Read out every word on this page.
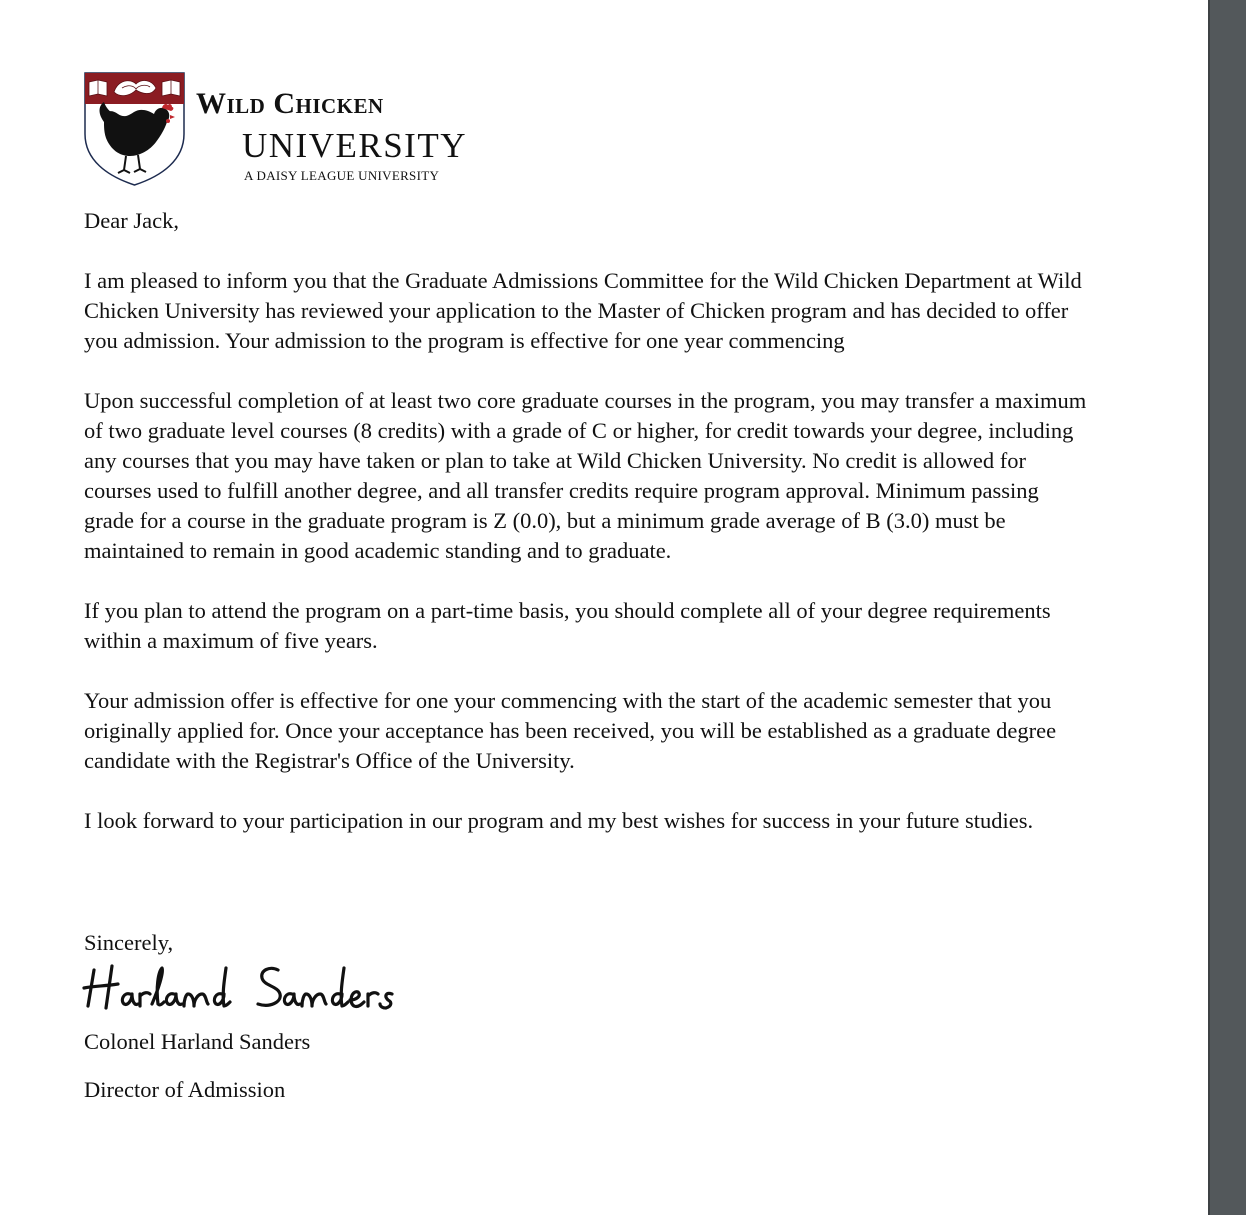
Wild Chicken
UNIVERSITY
A DAISY LEAGUE UNIVERSITY

Dear Jack,

I am pleased to inform you that the Graduate Admissions Committee for the Wild Chicken Department at Wild Chicken University has reviewed your application to the Master of Chicken program and has decided to offer you admission. Your admission to the program is effective for one year commencing

Upon successful completion of at least two core graduate courses in the program, you may transfer a maximum of two graduate level courses (8 credits) with a grade of C or higher, for credit towards your degree, including any courses that you may have taken or plan to take at Wild Chicken University. No credit is allowed for courses used to fulfill another degree, and all transfer credits require program approval. Minimum passing grade for a course in the graduate program is Z (0.0), but a minimum grade average of B (3.0) must be maintained to remain in good academic standing and to graduate.

If you plan to attend the program on a part-time basis, you should complete all of your degree requirements within a maximum of five years.

Your admission offer is effective for one your commencing with the start of the academic semester that you originally applied for. Once your acceptance has been received, you will be established as a graduate degree candidate with the Registrar's Office of the University.

I look forward to your participation in our program and my best wishes for success in your future studies.

Sincerely,
Colonel Harland Sanders
Director of Admission
